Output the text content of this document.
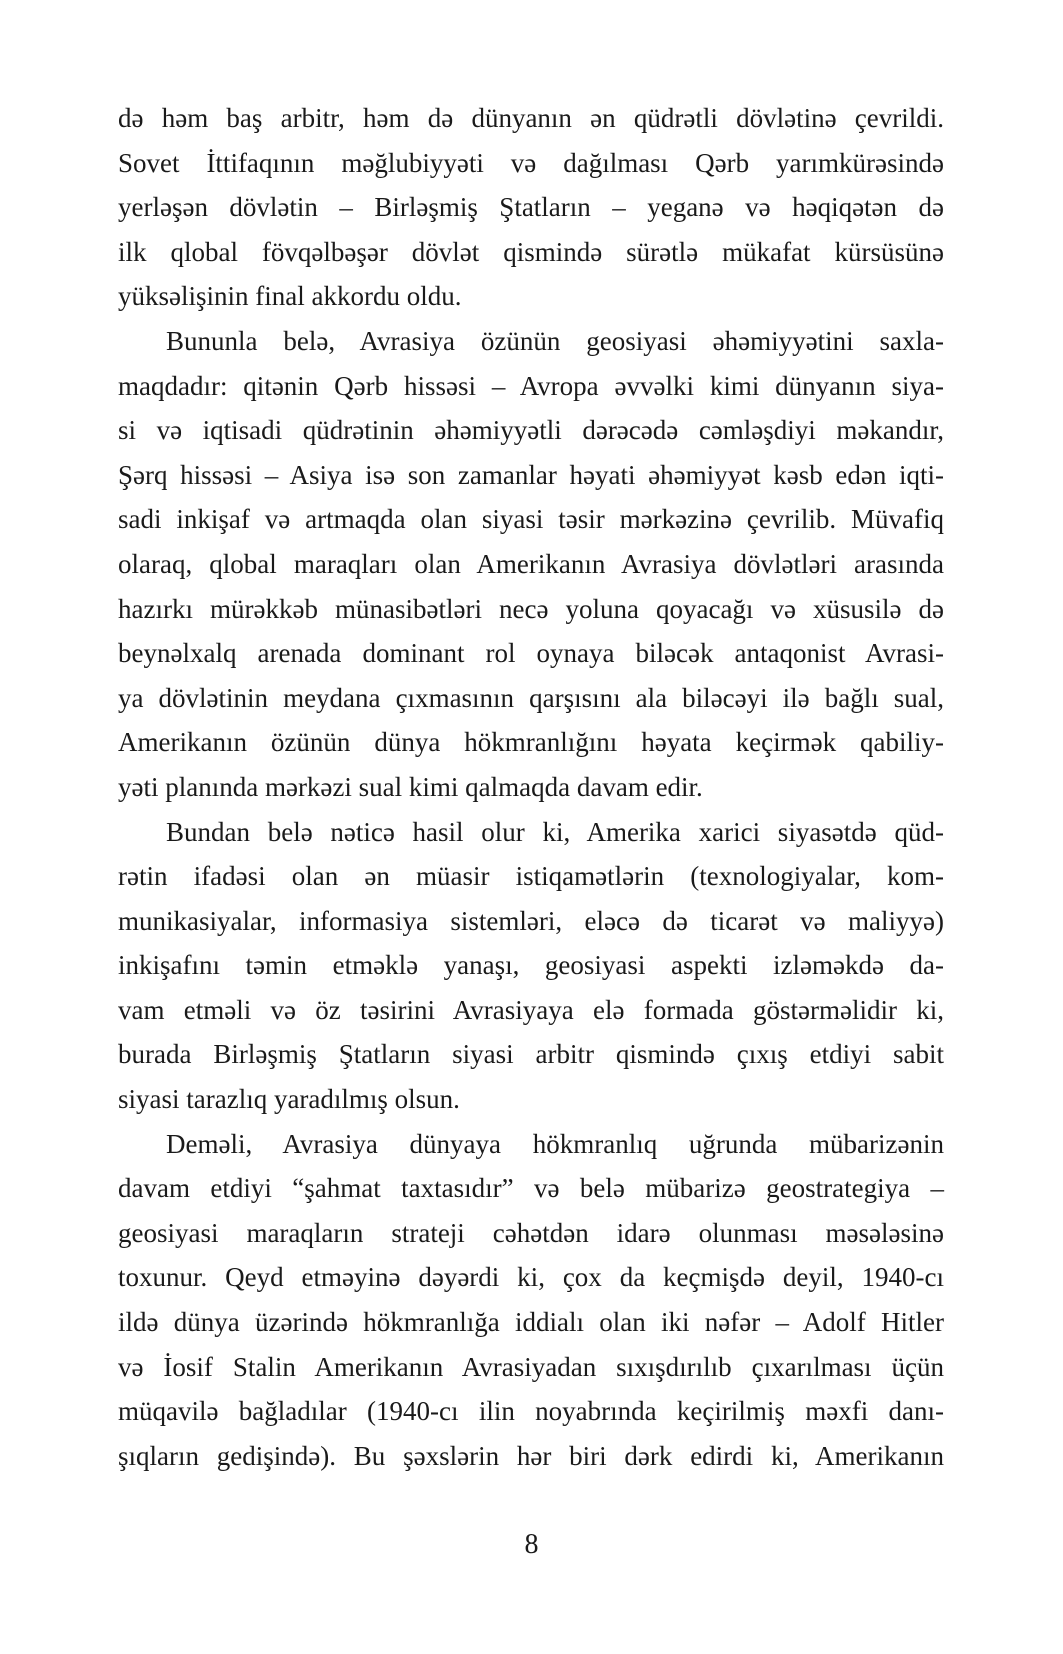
də həm baş arbitr, həm də dünyanın ən qüdrətli dövlətinə çevrildi.
Sovet İttifaqının məğlubiyyəti və dağılması Qərb yarımkürəsində
yerləşən dövlətin – Birləşmiş Ştatların – yeganə və həqiqətən də
ilk qlobal fövqəlbəşər dövlət qismində sürətlə mükafat kürsüsünə
yüksəlişinin final akkordu oldu.
Bununla belə, Avrasiya özünün geosiyasi əhəmiyyətini saxla-
maqdadır: qitənin Qərb hissəsi – Avropa əvvəlki kimi dünyanın siya-
si və iqtisadi qüdrətinin əhəmiyyətli dərəcədə cəmləşdiyi məkandır,
Şərq hissəsi – Asiya isə son zamanlar həyati əhəmiyyət kəsb edən iqti-
sadi inkişaf və artmaqda olan siyasi təsir mərkəzinə çevrilib. Müvafiq
olaraq, qlobal maraqları olan Amerikanın Avrasiya dövlətləri arasında
hazırkı mürəkkəb münasibətləri necə yoluna qoyacağı və xüsusilə də
beynəlxalq arenada dominant rol oynaya biləcək antaqonist Avrasi-
ya dövlətinin meydana çıxmasının qarşısını ala biləcəyi ilə bağlı sual,
Amerikanın özünün dünya hökmranlığını həyata keçirmək qabiliy-
yəti planında mərkəzi sual kimi qalmaqda davam edir.
Bundan belə nəticə hasil olur ki, Amerika xarici siyasətdə qüd-
rətin ifadəsi olan ən müasir istiqamətlərin (texnologiyalar, kom-
munikasiyalar, informasiya sistemləri, eləcə də ticarət və maliyyə)
inkişafını təmin etməklə yanaşı, geosiyasi aspekti izləməkdə da-
vam etməli və öz təsirini Avrasiyaya elə formada göstərməlidir ki,
burada Birləşmiş Ştatların siyasi arbitr qismində çıxış etdiyi sabit
siyasi tarazlıq yaradılmış olsun.
Deməli, Avrasiya dünyaya hökmranlıq uğrunda mübarizənin
davam etdiyi “şahmat taxtasıdır” və belə mübarizə geostrategiya –
geosiyasi maraqların strateji cəhətdən idarə olunması məsələsinə
toxunur. Qeyd etməyinə dəyərdi ki, çox da keçmişdə deyil, 1940-cı
ildə dünya üzərində hökmranlığa iddialı olan iki nəfər – Adolf Hitler
və İosif Stalin Amerikanın Avrasiyadan sıxışdırılıb çıxarılması üçün
müqavilə bağladılar (1940-cı ilin noyabrında keçirilmiş məxfi danı-
şıqların gedişində). Bu şəxslərin hər biri dərk edirdi ki, Amerikanın
8
